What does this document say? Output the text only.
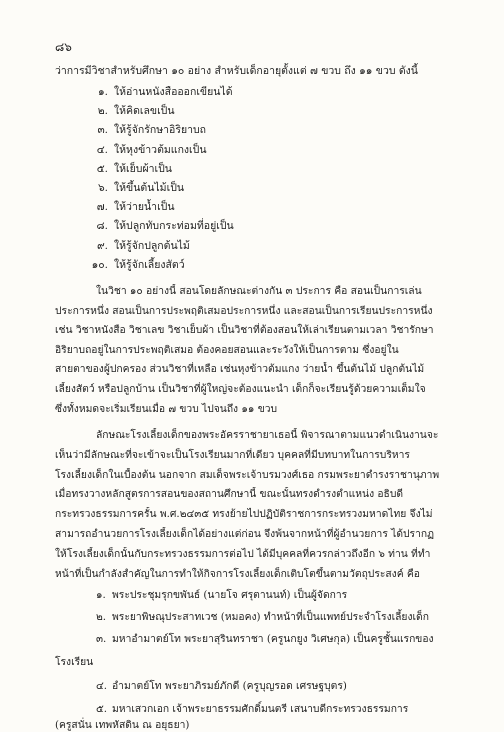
๘๖
ว่าการมีวิชาสำหรับศึกษา ๑๐ อย่าง สำหรับเด็กอายุตั้งแต่ ๗ ขวบ ถึง ๑๑ ขวบ ดังนี้
๑. ให้อ่านหนังสือออกเขียนได้
๒. ให้คิดเลขเป็น
๓. ให้รู้จักรักษาอิริยาบถ
๔. ให้หุงข้าวต้มแกงเป็น
๕. ให้เย็บผ้าเป็น
๖. ให้ขึ้นต้นไม้เป็น
๗. ให้ว่ายน้ำเป็น
๘. ให้ปลูกทับกระท่อมที่อยู่เป็น
๙. ให้รู้จักปลูกต้นไม้
๑๐. ให้รู้จักเลี้ยงสัตว์
ในวิชา ๑๐ อย่างนี้ สอนโดยลักษณะต่างกัน ๓ ประการ คือ สอนเป็นการเล่น
ประการหนึ่ง สอนเป็นการประพฤติเสมอประการหนึ่ง และสอนเป็นการเรียนประการหนึ่ง
เช่น วิชาหนังสือ วิชาเลข วิชาเย็บผ้า เป็นวิชาที่ต้องสอนให้เล่าเรียนตามเวลา วิชารักษา
อิริยาบถอยู่ในการประพฤติเสมอ ต้องคอยสอนและระวังให้เป็นการตาม ซึ่งอยู่ใน
สายตาของผู้ปกครอง ส่วนวิชาที่เหลือ เช่นหุงข้าวต้มแกง ว่ายน้ำ ขึ้นต้นไม้ ปลูกต้นไม้
เลี้ยงสัตว์ หรือปลูกบ้าน เป็นวิชาที่ผู้ใหญ่จะต้องแนะนำ เด็กก็จะเรียนรู้ด้วยความเต็มใจ
ซึ่งทั้งหมดจะเริ่มเรียนเมื่อ ๗ ขวบ ไปจนถึง ๑๑ ขวบ
ลักษณะโรงเลี้ยงเด็กของพระอัครราชายาเธอนี้ พิจารณาตามแนวดำเนินงานจะ
เห็นว่ามีลักษณะที่จะเข้าจะเป็นโรงเรียนมากที่เดียว บุคคลที่มีบทบาทในการบริหาร
โรงเลี้ยงเด็กในเบื้องต้น นอกจาก สมเด็จพระเจ้าบรมวงศ์เธอ กรมพระยาดำรงราชานุภาพ
เมื่อทรงวางหลักสูตรการสอนของสถานศึกษานี้ ขณะนั้นทรงดำรงตำแหน่ง อธิบดี
กระทรวงธรรมการครั้น พ.ศ.๒๔๓๕ ทรงย้ายไปปฏิบัติราชการกระทรวงมหาดไทย จึงไม่
สามารถอำนวยการโรงเลี้ยงเด็กได้อย่างแต่ก่อน จึงพ้นจากหน้าที่ผู้อำนวยการ ได้ปรากฏ
ให้โรงเลี้ยงเด็กนั้นกับกระทรวงธรรมการต่อไป ได้มีบุคคลที่ควรกล่าวถึงอีก ๖ ท่าน ที่ทำ
หน้าที่เป็นกำลังสำคัญในการทำให้กิจการโรงเลี้ยงเด็กเติบโตขึ้นตามวัตถุประสงค์ คือ
๑. พระประชุมรุกขพันธ์ (นายโจ ศรุตานนท์) เป็นผู้จัดการ
๒. พระยาพิษณุประสาทเวช (หมอคง) ทำหน้าที่เป็นแพทย์ประจำโรงเลี้ยงเด็ก
๓. มหาอำมาตย์โท พระยาสุรินทราชา (ครูนกยูง วิเศษกุล) เป็นครูชั้นแรกของ
โรงเรียน
๔. อำมาตย์โท พระยาภิรมย์ภักดี (ครูบุญรอด เศรษฐบุตร)
๕. มหาเสวกเอก เจ้าพระยาธรรมศักดิ์มนตรี เสนาบดีกระทรวงธรรมการ
(ครูสนั่น เทพหัสดิน ณ อยุธยา)
